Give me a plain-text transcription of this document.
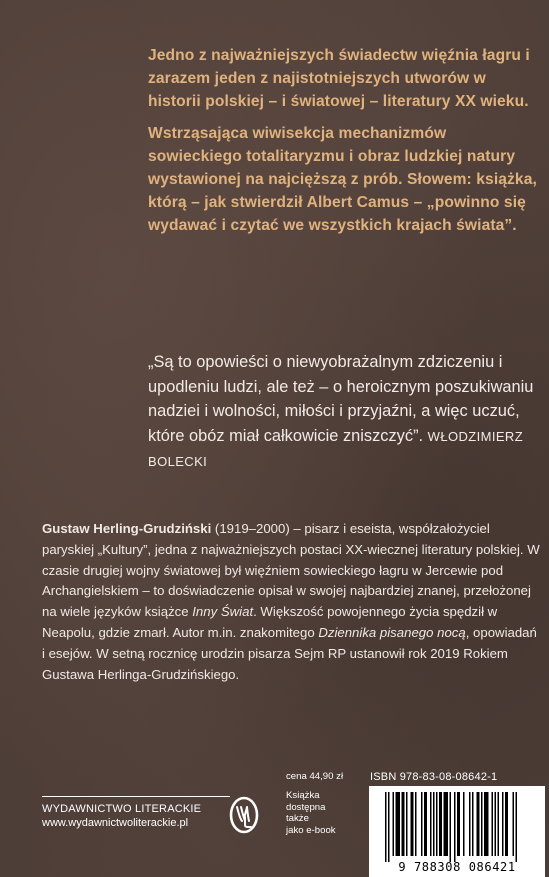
Jedno z najważniejszych świadectw więźnia łagru i zarazem jeden z najistotniejszych utworów w historii polskiej – i światowej – literatury XX wieku.

Wstrząsająca wiwisekcja mechanizmów sowieckiego totalitaryzmu i obraz ludzkiej natury wystawionej na najcięższą z prób. Słowem: książka, którą – jak stwierdził Albert Camus – „powinno się wydawać i czytać we wszystkich krajach świata”.

„Są to opowieści o niewyobrażalnym zdziczeniu i upodleniu ludzi, ale też – o heroicznym poszukiwaniu nadziei i wolności, miłości i przyjaźni, a więc uczuć, które obóz miał całkowicie zniszczyć”. WŁODZIMIERZ BOLECKI
Gustaw Herling-Grudziński (1919–2000) – pisarz i eseista, współzałożyciel paryskiej „Kultury”, jedna z najważniejszych postaci XX-wiecznej literatury polskiej. W czasie drugiej wojny światowej był więźniem sowieckiego łagru w Jercewie pod Archangielskiem – to doświadczenie opisał w swojej najbardziej znanej, przełożonej na wiele języków książce Inny Świat. Większość powojennego życia spędził w Neapolu, gdzie zmarł. Autor m.in. znakomitego Dziennika pisanego nocą, opowiadań i esejów. W setną rocznicę urodzin pisarza Sejm RP ustanowił rok 2019 Rokiem Gustawa Herlinga-Grudzińskiego.
WYDAWNICTWO LITERACKIE
www.wydawnictwoliterackie.pl
cena 44,90 zł
Książka
dostępna
także
jako e-book
ISBN 978-83-08-08642-1
9 788308 086421
